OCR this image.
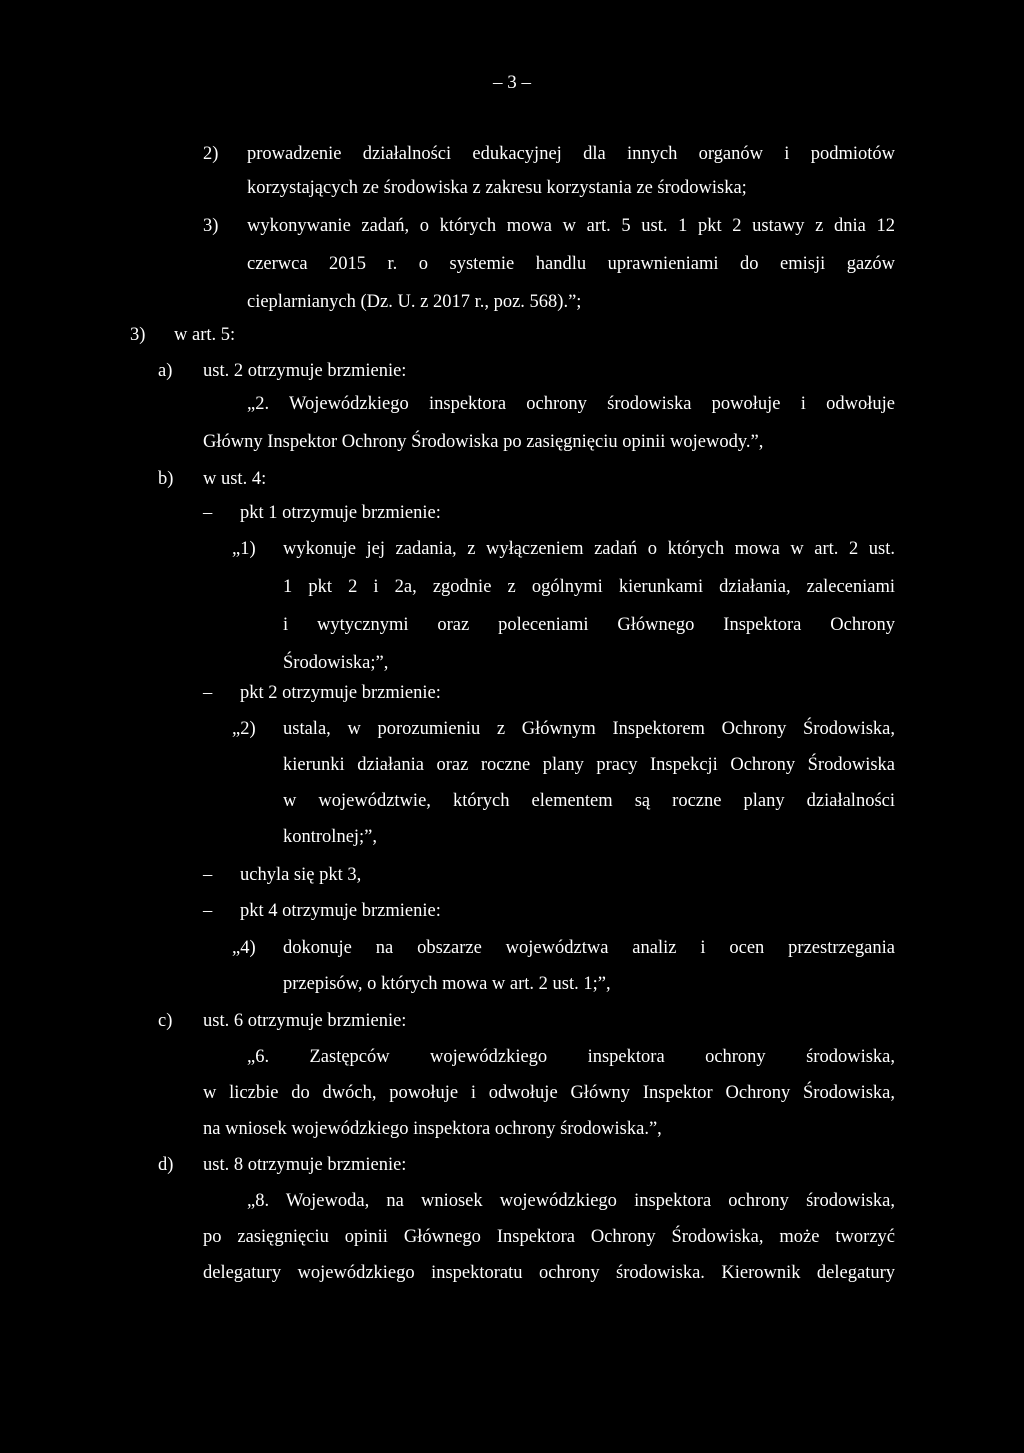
– 3 –
2) prowadzenie działalności edukacyjnej dla innych organów i podmiotów
korzystających ze środowiska z zakresu korzystania ze środowiska;
3) wykonywanie zadań, o których mowa w art. 5 ust. 1 pkt 2 ustawy z dnia 12
czerwca 2015 r. o systemie handlu uprawnieniami do emisji gazów
cieplarnianych (Dz. U. z 2017 r., poz. 568).”;
3) w art. 5:
a) ust. 2 otrzymuje brzmienie:
„2. Wojewódzkiego inspektora ochrony środowiska powołuje i odwołuje
Główny Inspektor Ochrony Środowiska po zasięgnięciu opinii wojewody.”,
b) w ust. 4:
– pkt 1 otrzymuje brzmienie:
„1) wykonuje jej zadania, z wyłączeniem zadań o których mowa w art. 2 ust.
1 pkt 2 i 2a, zgodnie z ogólnymi kierunkami działania, zaleceniami
i wytycznymi oraz poleceniami Głównego Inspektora Ochrony
Środowiska;”,
– pkt 2 otrzymuje brzmienie:
„2) ustala, w porozumieniu z Głównym Inspektorem Ochrony Środowiska,
kierunki działania oraz roczne plany pracy Inspekcji Ochrony Środowiska
w województwie, których elementem są roczne plany działalności
kontrolnej;”,
– uchyla się pkt 3,
– pkt 4 otrzymuje brzmienie:
„4) dokonuje na obszarze województwa analiz i ocen przestrzegania
przepisów, o których mowa w art. 2 ust. 1;”,
c) ust. 6 otrzymuje brzmienie:
„6. Zastępców wojewódzkiego inspektora ochrony środowiska,
w liczbie do dwóch, powołuje i odwołuje Główny Inspektor Ochrony Środowiska,
na wniosek wojewódzkiego inspektora ochrony środowiska.”,
d) ust. 8 otrzymuje brzmienie:
„8. Wojewoda, na wniosek wojewódzkiego inspektora ochrony środowiska,
po zasięgnięciu opinii Głównego Inspektora Ochrony Środowiska, może tworzyć
delegatury wojewódzkiego inspektoratu ochrony środowiska. Kierownik delegatury
